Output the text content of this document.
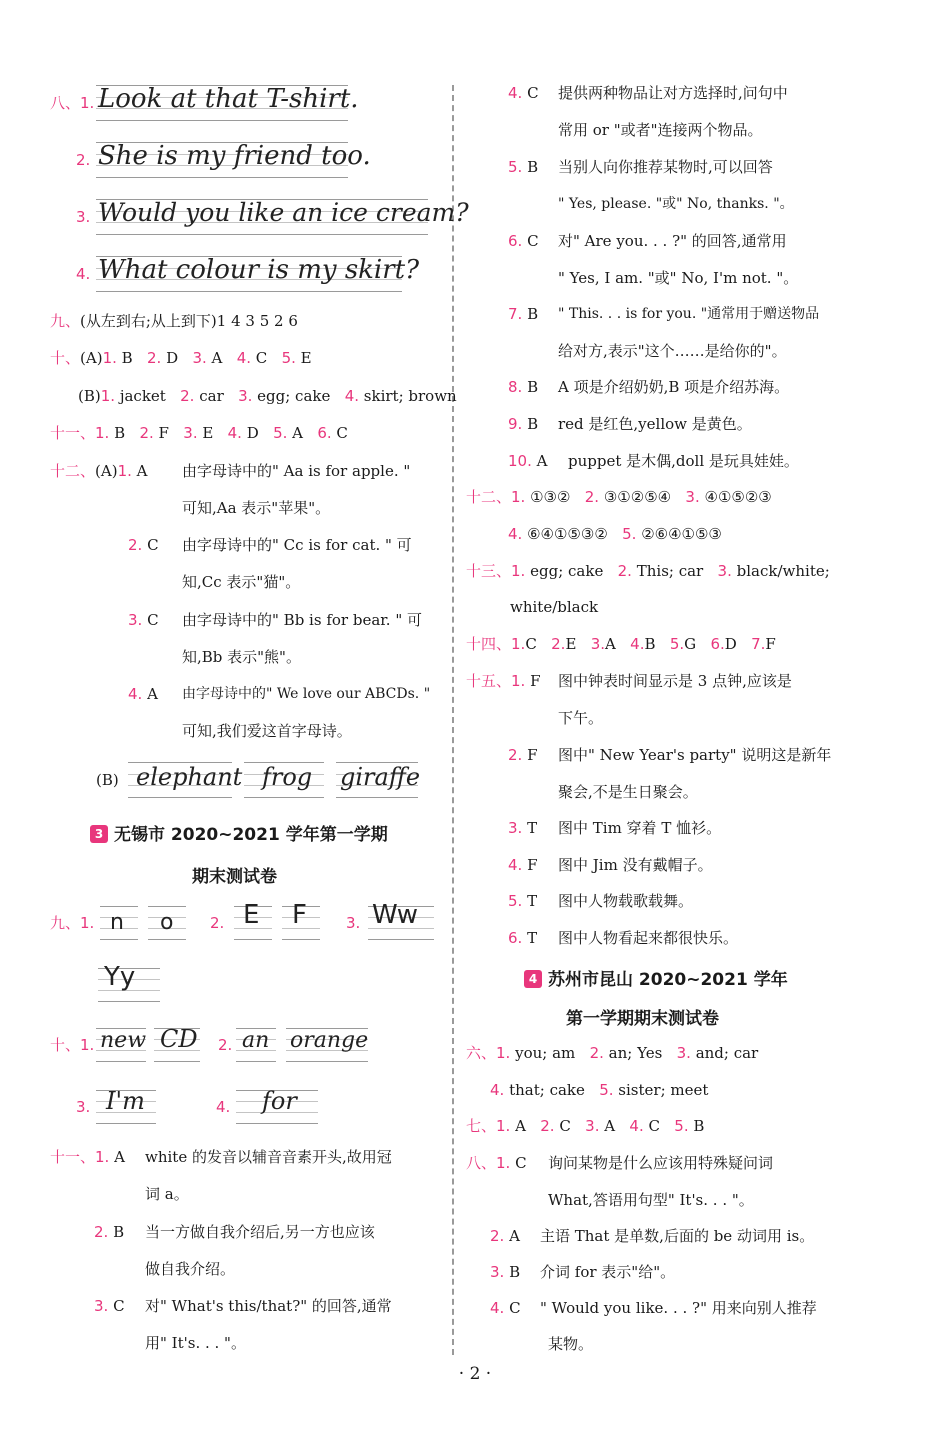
八、1. Look at that T-shirt.
2. She is my friend too.
3. Would you like an ice cream?
4. What colour is my skirt?
九、(从左到右;从上到下)1 4 3 5 2 6
十、(A)1. B 2. D 3. A 4. C 5. E
(B)1. jacket 2. car 3. egg; cake 4. skirt; brown
十一、1. B 2. F 3. E 4. D 5. A 6. C
十二、(A)1. A 由字母诗中的" Aa is for apple. "
可知,Aa 表示"苹果"。
2. C 由字母诗中的" Cc is for cat. " 可
知,Cc 表示"猫"。
3. C 由字母诗中的" Bb is for bear. " 可
知,Bb 表示"熊"。
4. A 由字母诗中的" We love our ABCDs. "
可知,我们爱这首字母诗。
(B) elephant frog giraffe
3 无锡市 2020~2021 学年第一学期
期末测试卷
九、1. n o 2. E F	3. Ww
Yy
十、1. new CD 2. an orange
3. I'm	4. for
十一、1. A white 的发音以辅音音素开头,故用冠
词 a。
2. B 当一方做自我介绍后,另一方也应该
做自我介绍。
3. C 对" What's this/that?" 的回答,通常
用" It's. . . "。
4. C 提供两种物品让对方选择时,问句中
常用 or "或者"连接两个物品。
5. B 当别人向你推荐某物时,可以回答
" Yes, please. "或" No, thanks. "。
6. C 对" Are you. . . ?" 的回答,通常用
" Yes, I am. "或" No, I'm not. "。
7. B " This. . . is for you. "通常用于赠送物品
给对方,表示"这个……是给你的"。
8. B A 项是介绍奶奶,B 项是介绍苏海。
9. B red 是红色,yellow 是黄色。
10. A puppet 是木偶,doll 是玩具娃娃。
十二、1. ①③② 2. ③①②⑤④ 3. ④①⑤②③
4. ⑥④①⑤③② 5. ②⑥④①⑤③
十三、1. egg; cake 2. This; car 3. black/white;
white/black
十四、1.C 2.E 3.A 4.B 5.G 6.D 7.F
十五、1. F 图中钟表时间显示是 3 点钟,应该是
下午。
2. F 图中" New Year's party" 说明这是新年
聚会,不是生日聚会。
3. T 图中 Tim 穿着 T 恤衫。
4. F 图中 Jim 没有戴帽子。
5. T 图中人物载歌载舞。
6. T 图中人物看起来都很快乐。
4 苏州市昆山 2020~2021 学年
第一学期期末测试卷
六、1. you; am 2. an; Yes 3. and; car
4. that; cake 5. sister; meet
七、1. A 2. C 3. A 4. C 5. B
八、1. C 询问某物是什么应该用特殊疑问词
What,答语用句型" It's. . . "。
2. A 主语 That 是单数,后面的 be 动词用 is。
3. B 介词 for 表示"给"。
4. C " Would you like. . . ?" 用来向别人推荐
某物。
· 2 ·
